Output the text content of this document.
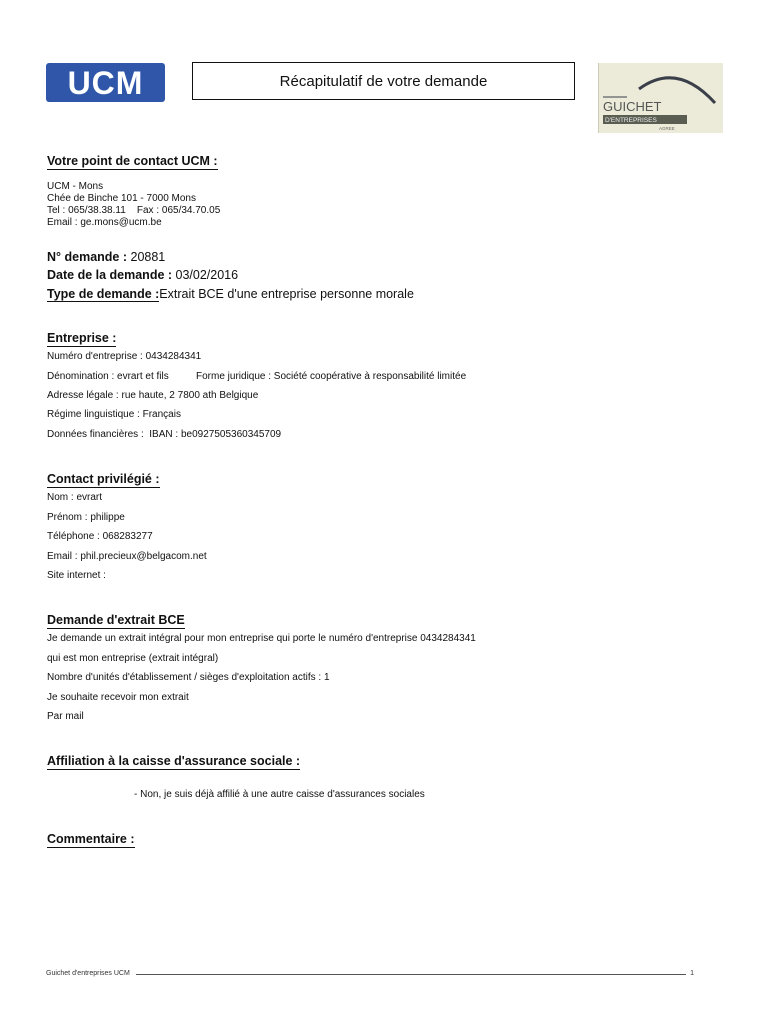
UCM	Récapitulatif de votre demande
GUICHET
D'ENTREPRISES
AGREE
Votre point de contact UCM :
UCM - Mons
Chée de Binche 101 - 7000 Mons
Tel : 065/38.38.11    Fax : 065/34.70.05
Email : ge.mons@ucm.be
N° demande : 20881
Date de la demande : 03/02/2016
Type de demande :Extrait BCE d'une entreprise personne morale
Entreprise :
Numéro d'entreprise : 0434284341
Dénomination : evrart et fils	Forme juridique : Société coopérative à responsabilité limitée
Adresse légale : rue haute, 2 7800 ath Belgique
Régime linguistique : Français
Données financières :  IBAN : be0927505360345709
Contact privilégié :
Nom : evrart
Prénom : philippe
Téléphone : 068283277
Email : phil.precieux@belgacom.net
Site internet :
Demande d'extrait BCE
Je demande un extrait intégral pour mon entreprise qui porte le numéro d'entreprise 0434284341
qui est mon entreprise (extrait intégral)
Nombre d'unités d'établissement / sièges d'exploitation actifs : 1
Je souhaite recevoir mon extrait
Par mail
Affiliation à la caisse d'assurance sociale :
- Non, je suis déjà affilié à une autre caisse d'assurances sociales
Commentaire :
Guichet d'entreprises UCM	1
